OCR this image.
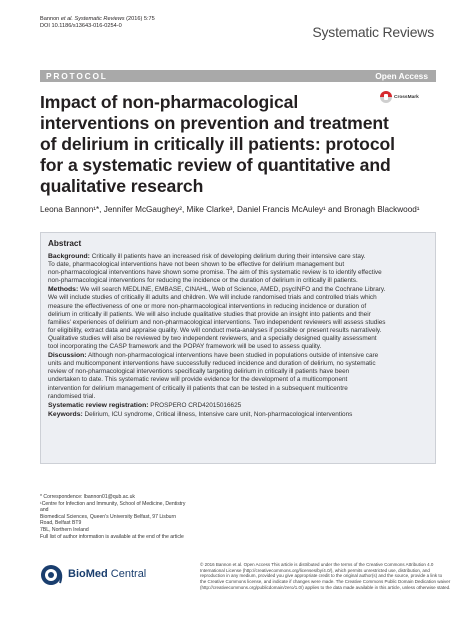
Bannon et al. Systematic Reviews (2016) 5:75
DOI 10.1186/s13643-016-0254-0	Systematic Reviews
PROTOCOL	Open Access
CrossMark
Impact of non-pharmacological
interventions on prevention and treatment
of delirium in critically ill patients: protocol
for a systematic review of quantitative and
qualitative research
Leona Bannon¹*, Jennifer McGaughey², Mike Clarke³, Daniel Francis McAuley¹ and Bronagh Blackwood¹
Abstract

Background: Critically ill patients have an increased risk of developing delirium during their intensive care stay.
To date, pharmacological interventions have not been shown to be effective for delirium management but
non-pharmacological interventions have shown some promise. The aim of this systematic review is to identify effective
non-pharmacological interventions for reducing the incidence or the duration of delirium in critically ill patients.

Methods: We will search MEDLINE, EMBASE, CINAHL, Web of Science, AMED, psycINFO and the Cochrane Library.
We will include studies of critically ill adults and children. We will include randomised trials and controlled trials which
measure the effectiveness of one or more non-pharmacological interventions in reducing incidence or duration of
delirium in critically ill patients. We will also include qualitative studies that provide an insight into patients and their
families' experiences of delirium and non-pharmacological interventions. Two independent reviewers will assess studies
for eligibility, extract data and appraise quality. We will conduct meta-analyses if possible or present results narratively.
Qualitative studies will also be reviewed by two independent reviewers, and a specially designed quality assessment
tool incorporating the CASP framework and the POPAY framework will be used to assess quality.

Discussion: Although non-pharmacological interventions have been studied in populations outside of intensive care
units and multicomponent interventions have successfully reduced incidence and duration of delirium, no systematic
review of non-pharmacological interventions specifically targeting delirium in critically ill patients have been
undertaken to date. This systematic review will provide evidence for the development of a multicomponent
intervention for delirium management of critically ill patients that can be tested in a subsequent multicentre
randomised trial.

Systematic review registration: PROSPERO CRD42015016625

Keywords: Delirium, ICU syndrome, Critical illness, Intensive care unit, Non-pharmacological interventions

* Correspondence: lbannon01@qub.ac.uk
¹Centre for Infection and Immunity, School of Medicine, Dentistry and
Biomedical Sciences, Queen's University Belfast, 97 Lisburn Road, Belfast BT9
7BL, Northern Ireland
Full list of author information is available at the end of the article
BioMed Central
© 2016 Bannon et al. Open Access This article is distributed under the terms of the Creative Commons Attribution 4.0
International License (http://creativecommons.org/licenses/by/4.0/), which permits unrestricted use, distribution, and
reproduction in any medium, provided you give appropriate credit to the original author(s) and the source, provide a link to
the Creative Commons license, and indicate if changes were made. The Creative Commons Public Domain Dedication waiver
(http://creativecommons.org/publicdomain/zero/1.0/) applies to the data made available in this article, unless otherwise stated.
